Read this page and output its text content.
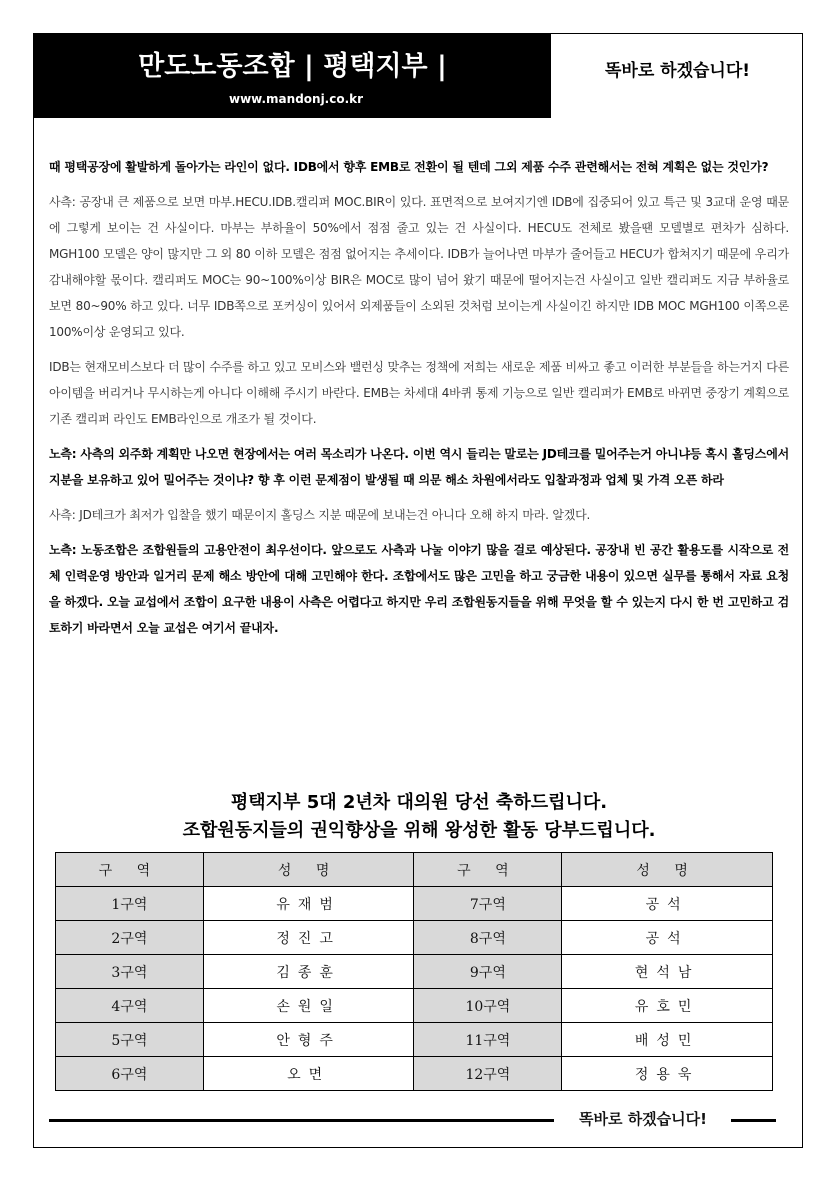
만도노동조합 | 평택지부 |
www.mandonj.co.kr
똑바로 하겠습니다!

때 평택공장에 활발하게 돌아가는 라인이 없다. IDB에서 향후 EMB로 전환이 될 텐데 그외 제품 수주 관련해서는 전혀 계획은 없는 것인가?

사측: 공장내 큰 제품으로 보면 마부.HECU.IDB.캘리퍼 MOC.BIR이 있다. 표면적으로 보여지기엔 IDB에 집중되어 있고 특근 및 3교대 운영 때문에 그렇게 보이는 건 사실이다. 마부는 부하율이 50%에서 점점 줄고 있는 건 사실이다. HECU도 전체로 봤을땐 모델별로 편차가 심하다. MGH100 모델은 양이 많지만 그 외 80 이하 모델은 점점 없어지는 추세이다. IDB가 늘어나면 마부가 줄어들고 HECU가 합쳐지기 때문에 우리가 감내해야할 몫이다. 캘리퍼도 MOC는 90~100%이상 BIR은 MOC로 많이 넘어 왔기 때문에 떨어지는건 사실이고 일반 캘리퍼도 지금 부하율로 보면 80~90% 하고 있다. 너무 IDB쪽으로 포커싱이 있어서 외제품들이 소외된 것처럼 보이는게 사실이긴 하지만 IDB MOC MGH100 이쪽으론 100%이상 운영되고 있다.

IDB는 현재모비스보다 더 많이 수주를 하고 있고 모비스와 밸런싱 맞추는 정책에 저희는 새로운 제품 비싸고 좋고 이러한 부분들을 하는거지 다른 아이템을 버리거나 무시하는게 아니다 이해해 주시기 바란다. EMB는 차세대 4바퀴 통제 기능으로 일반 캘리퍼가 EMB로 바뀌면 중장기 계획으로 기존 캘리퍼 라인도 EMB라인으로 개조가 될 것이다.

노측: 사측의 외주화 계획만 나오면 현장에서는 여러 목소리가 나온다. 이번 역시 들리는 말로는 JD테크를 밀어주는거 아니냐등 혹시 홀딩스에서 지분을 보유하고 있어 밀어주는 것이냐? 향 후 이런 문제점이 발생될 때 의문 해소 차원에서라도 입찰과정과 업체 및 가격 오픈 하라

사측: JD테크가 최저가 입찰을 했기 때문이지 홀딩스 지분 때문에 보내는건 아니다 오해 하지 마라. 알겠다.

노측: 노동조합은 조합원들의 고용안전이 최우선이다. 앞으로도 사측과 나눌 이야기 많을 걸로 예상된다. 공장내 빈 공간 활용도를 시작으로 전체 인력운영 방안과 일거리 문제 해소 방안에 대해 고민해야 한다. 조합에서도 많은 고민을 하고 궁금한 내용이 있으면 실무를 통해서 자료 요청을 하겠다. 오늘 교섭에서 조합이 요구한 내용이 사측은 어렵다고 하지만 우리 조합원동지들을 위해 무엇을 할 수 있는지 다시 한 번 고민하고 검토하기 바라면서 오늘 교섭은 여기서 끝내자.

평택지부 5대 2년차 대의원 당선 축하드립니다.
조합원동지들의 권익향상을 위해 왕성한 활동 당부드립니다.
구 역	성 명	구 역	성 명
1구역	유재범	7구역	공석
2구역	정진고	8구역	공석
3구역	김종훈	9구역	현석남
4구역	손원일	10구역	유호민
5구역	안형주	11구역	배성민
6구역	오면	12구역	정용욱
똑바로 하겠습니다!
